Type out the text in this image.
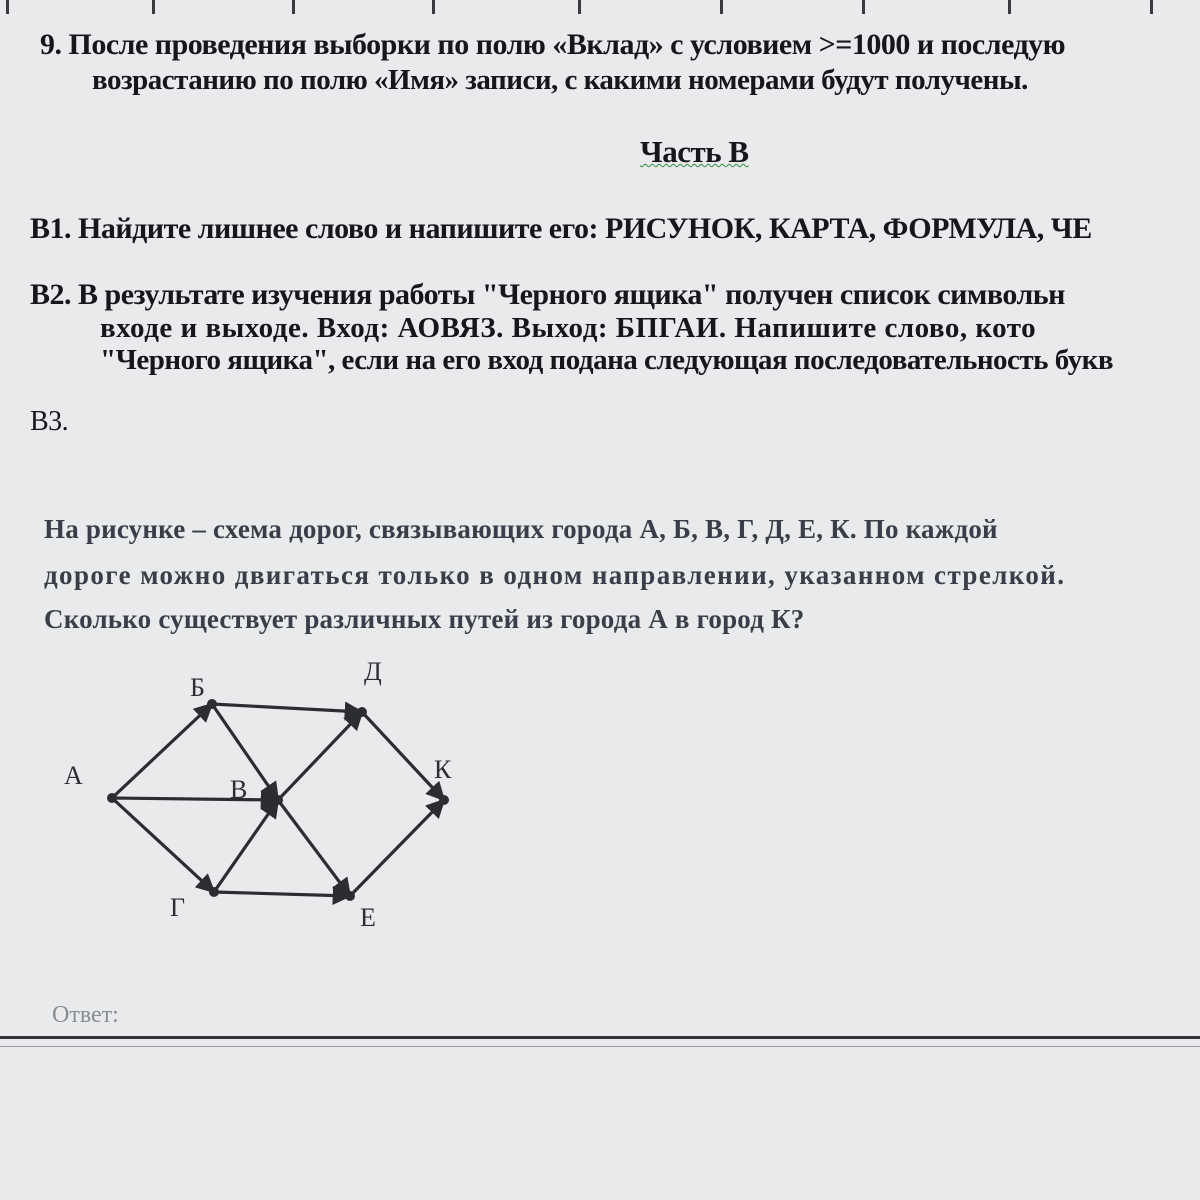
9. После проведения выборки по полю «Вклад» с условием >=1000 и последую
возрастанию по полю «Имя» записи, с какими номерами будут получены.
Часть В
В1. Найдите лишнее слово и напишите его: РИСУНОК, КАРТА, ФОРМУЛА, ЧЕ
В2. В результате изучения работы "Черного ящика" получен список символьн
входе и выходе. Вход: АОВЯЗ. Выход: БПГАИ. Напишите слово, кото
"Черного ящика", если на его вход подана следующая последовательность букв
В3.
На рисунке – схема дорог, связывающих города А, Б, В, Г, Д, Е, К. По каждой
дороге можно двигаться только в одном направлении, указанном стрелкой.
Сколько существует различных путей из города А в город К?
А
Б
В
Г
Д
Е
К
Ответ:
